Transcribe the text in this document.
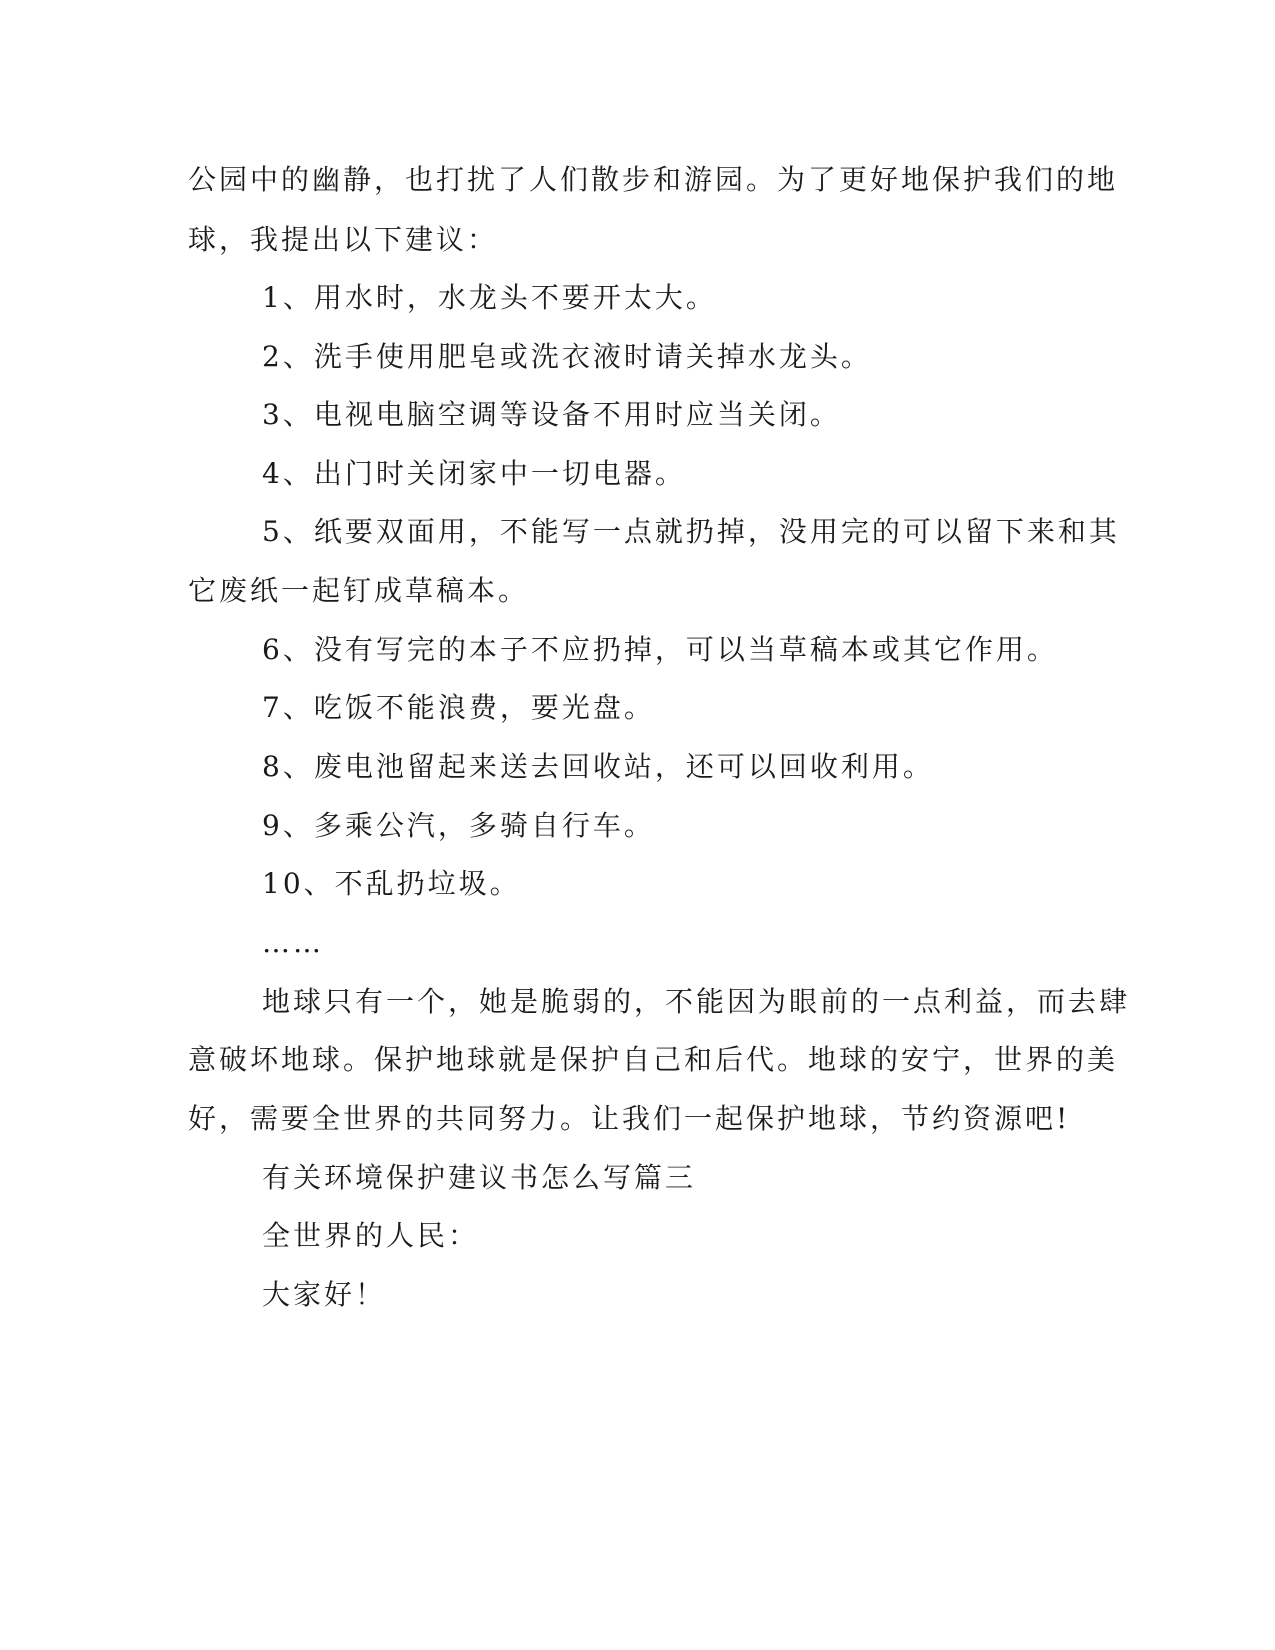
公园中的幽静，也打扰了人们散步和游园。为了更好地保护我们的地
球，我提出以下建议：
1、用水时，水龙头不要开太大。
2、洗手使用肥皂或洗衣液时请关掉水龙头。
3、电视电脑空调等设备不用时应当关闭。
4、出门时关闭家中一切电器。
5、纸要双面用，不能写一点就扔掉，没用完的可以留下来和其
它废纸一起钉成草稿本。
6、没有写完的本子不应扔掉，可以当草稿本或其它作用。
7、吃饭不能浪费，要光盘。
8、废电池留起来送去回收站，还可以回收利用。
9、多乘公汽，多骑自行车。
10、不乱扔垃圾。
……
地球只有一个，她是脆弱的，不能因为眼前的一点利益，而去肆
意破坏地球。保护地球就是保护自己和后代。地球的安宁，世界的美
好，需要全世界的共同努力。让我们一起保护地球，节约资源吧!
有关环境保护建议书怎么写篇三
全世界的人民：
大家好！
